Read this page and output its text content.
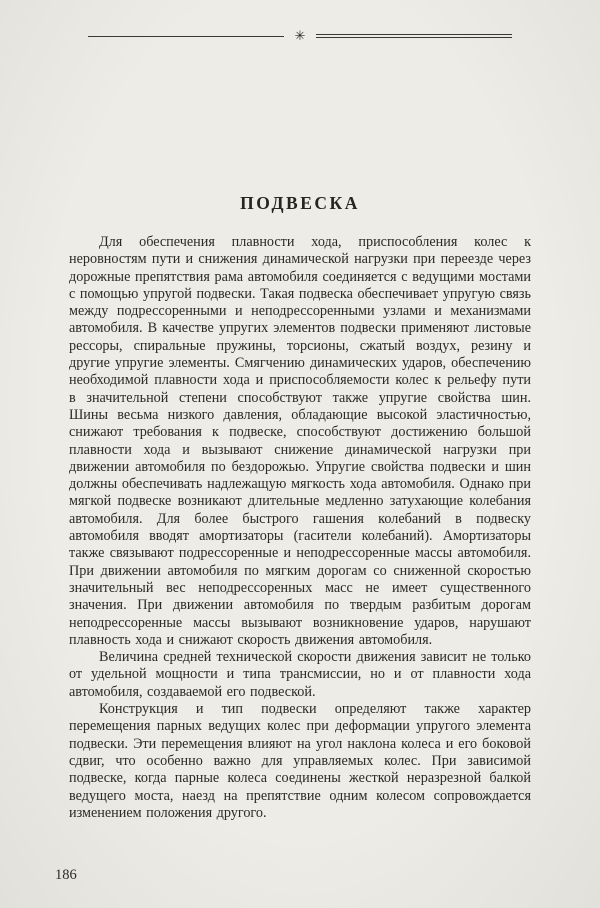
✳
ПОДВЕСКА

Для обеспечения плавности хода, приспособления колес к неровностям пути и снижения динамической нагрузки при переезде через дорожные препятствия рама автомобиля соединяется с ведущими мостами с помощью упругой подвески. Такая подвеска обеспечивает упругую связь между подрессоренными и неподрессоренными узлами и механизмами автомобиля. В качестве упругих элементов подвески применяют листовые рессоры, спиральные пружины, торсионы, сжатый воздух, резину и другие упругие элементы. Смягчению динамических ударов, обеспечению необходимой плавности хода и приспособляемости колес к рельефу пути в значительной степени способствуют также упругие свойства шин. Шины весьма низкого давления, обладающие высокой эластичностью, снижают требования к подвеске, способствуют достижению большой плавности хода и вызывают снижение динамической нагрузки при движении автомобиля по бездорожью. Упругие свойства подвески и шин должны обеспечивать надлежащую мягкость хода автомобиля. Однако при мягкой подвеске возникают длительные медленно затухающие колебания автомобиля. Для более быстрого гашения колебаний в подвеску автомобиля вводят амортизаторы (гасители колебаний). Амортизаторы также связывают подрессоренные и неподрессоренные массы автомобиля. При движении автомобиля по мягким дорогам со сниженной скоростью значительный вес неподрессоренных масс не имеет существенного значения. При движении автомобиля по твердым разбитым дорогам неподрессоренные массы вызывают возникновение ударов, нарушают плавность хода и снижают скорость движения автомобиля.

Величина средней технической скорости движения зависит не только от удельной мощности и типа трансмиссии, но и от плавности хода автомобиля, создаваемой его подвеской.

Конструкция и тип подвески определяют также характер перемещения парных ведущих колес при деформации упругого элемента подвески. Эти перемещения влияют на угол наклона колеса и его боковой сдвиг, что особенно важно для управляемых колес. При зависимой подвеске, когда парные колеса соединены жесткой неразрезной балкой ведущего моста, наезд на препятствие одним колесом сопровождается изменением положения другого.

186
